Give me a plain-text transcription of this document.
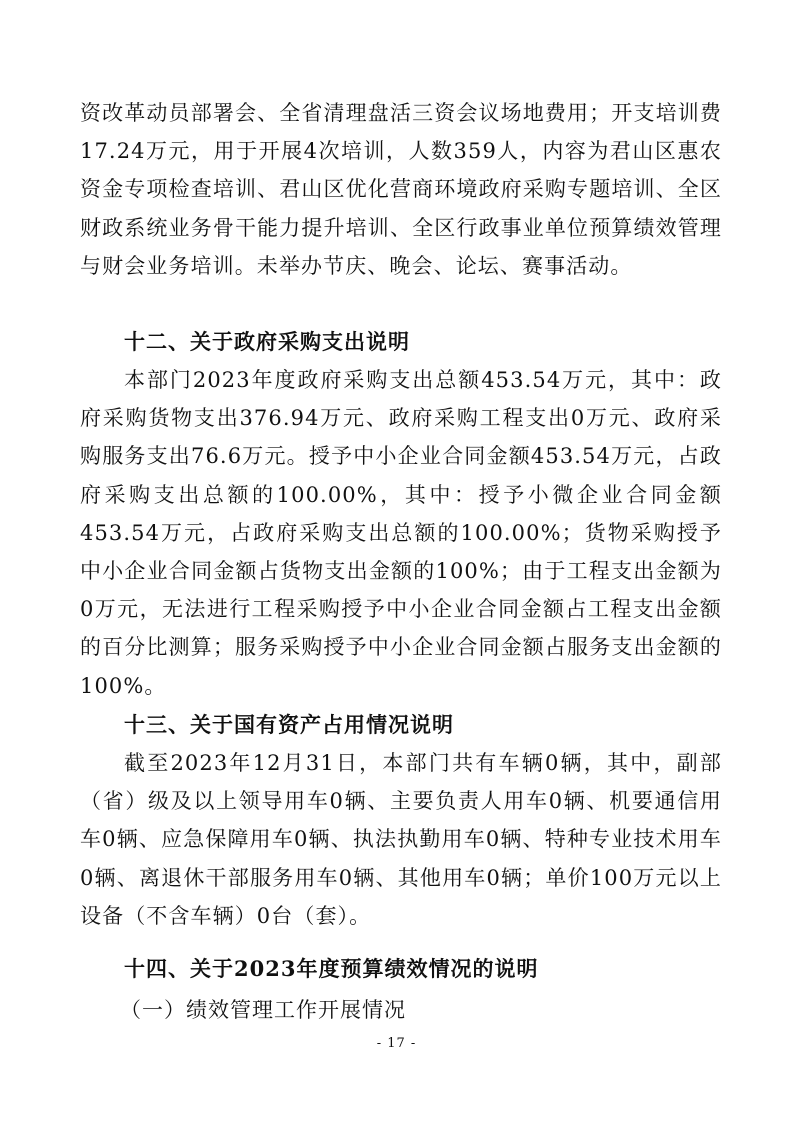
资改革动员部署会、全省清理盘活三资会议场地费用；开支培训费17.24万元，用于开展4次培训，人数359人，内容为君山区惠农资金专项检查培训、君山区优化营商环境政府采购专题培训、全区财政系统业务骨干能力提升培训、全区行政事业单位预算绩效管理与财会业务培训。未举办节庆、晚会、论坛、赛事活动。

十二、关于政府采购支出说明

本部门2023年度政府采购支出总额453.54万元，其中：政府采购货物支出376.94万元、政府采购工程支出0万元、政府采购服务支出76.6万元。授予中小企业合同金额453.54万元，占政府采购支出总额的100.00%，其中：授予小微企业合同金额453.54万元，占政府采购支出总额的100.00%；货物采购授予中小企业合同金额占货物支出金额的100%；由于工程支出金额为0万元，无法进行工程采购授予中小企业合同金额占工程支出金额的百分比测算；服务采购授予中小企业合同金额占服务支出金额的100%。

十三、关于国有资产占用情况说明

截至2023年12月31日，本部门共有车辆0辆，其中，副部（省）级及以上领导用车0辆、主要负责人用车0辆、机要通信用车0辆、应急保障用车0辆、执法执勤用车0辆、特种专业技术用车0辆、离退休干部服务用车0辆、其他用车0辆；单价100万元以上设备（不含车辆）0台（套）。

十四、关于2023年度预算绩效情况的说明

（一）绩效管理工作开展情况

- 17 -
